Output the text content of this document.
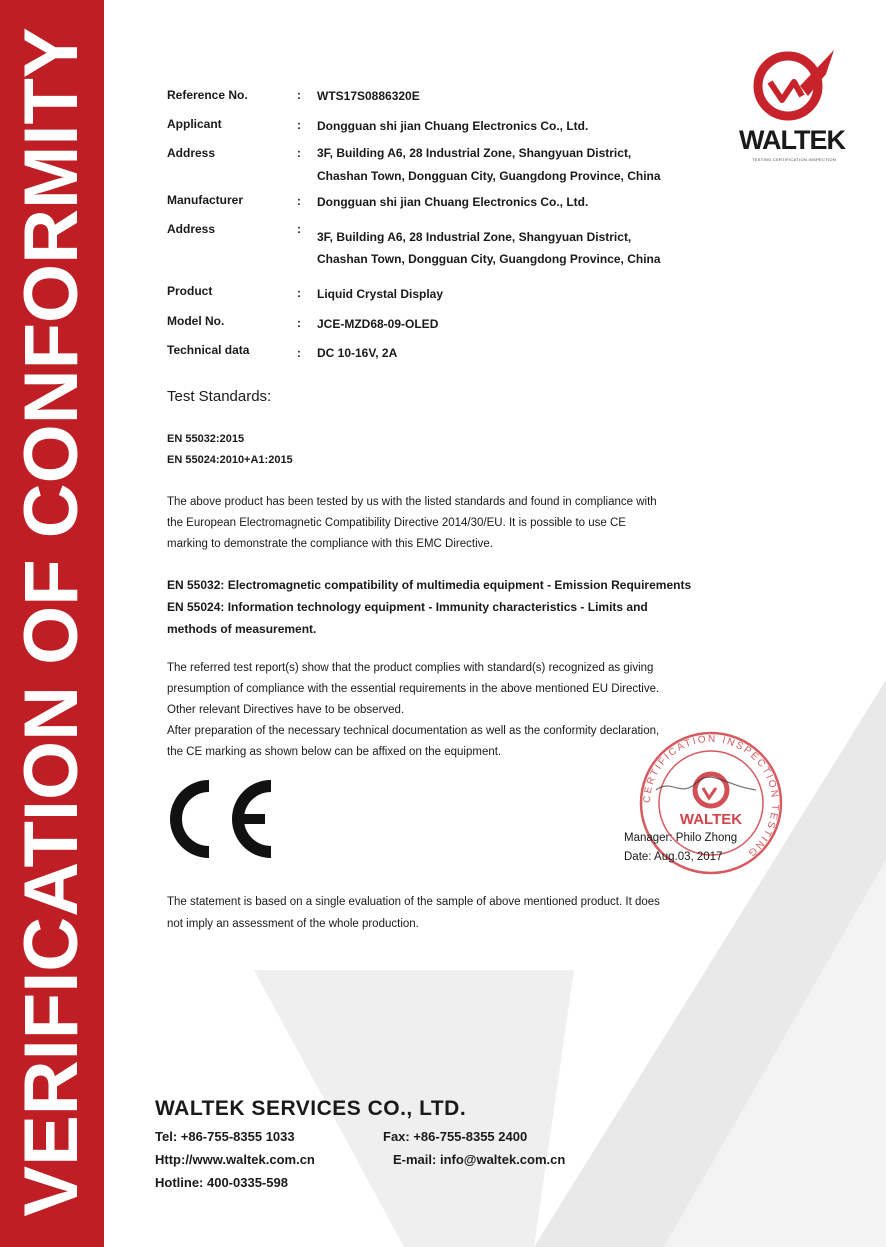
VERIFICATION OF CONFORMITY	WALTEK
TESTING CERTIFICATION INSPECTION
Reference No.	: WTS17S0886320E
Applicant	: Dongguan shi jian Chuang Electronics Co., Ltd.
Address	: 3F, Building A6, 28 Industrial Zone, Shangyuan District,
Chashan Town, Dongguan City, Guangdong Province, China
Manufacturer	: Dongguan shi jian Chuang Electronics Co., Ltd.
Address	:
3F, Building A6, 28 Industrial Zone, Shangyuan District,
Chashan Town, Dongguan City, Guangdong Province, China
Product	: Liquid Crystal Display
Model No.	: JCE-MZD68-09-OLED
Technical data	: DC 10-16V, 2A
Test Standards:
EN 55032:2015
EN 55024:2010+A1:2015
The above product has been tested by us with the listed standards and found in compliance with
the European Electromagnetic Compatibility Directive 2014/30/EU. It is possible to use CE
marking to demonstrate the compliance with this EMC Directive.
EN 55032: Electromagnetic compatibility of multimedia equipment - Emission Requirements
EN 55024: Information technology equipment - Immunity characteristics - Limits and
methods of measurement.
The referred test report(s) show that the product complies with standard(s) recognized as giving
presumption of compliance with the essential requirements in the above mentioned EU Directive.
Other relevant Directives have to be observed.
After preparation of the necessary technical documentation as well as the conformity declaration,
the CE marking as shown below can be affixed on the equipment.
CERTIFICATION INSPECTION TESTING
WALTEK
Manager: Philo Zhong
Date: Aug.03, 2017
The statement is based on a single evaluation of the sample of above mentioned product. It does
not imply an assessment of the whole production.
WALTEK SERVICES CO., LTD.
Tel: +86-755-8355 1033	Fax: +86-755-8355 2400
Http://www.waltek.com.cn	E-mail: info@waltek.com.cn
Hotline: 400-0335-598
